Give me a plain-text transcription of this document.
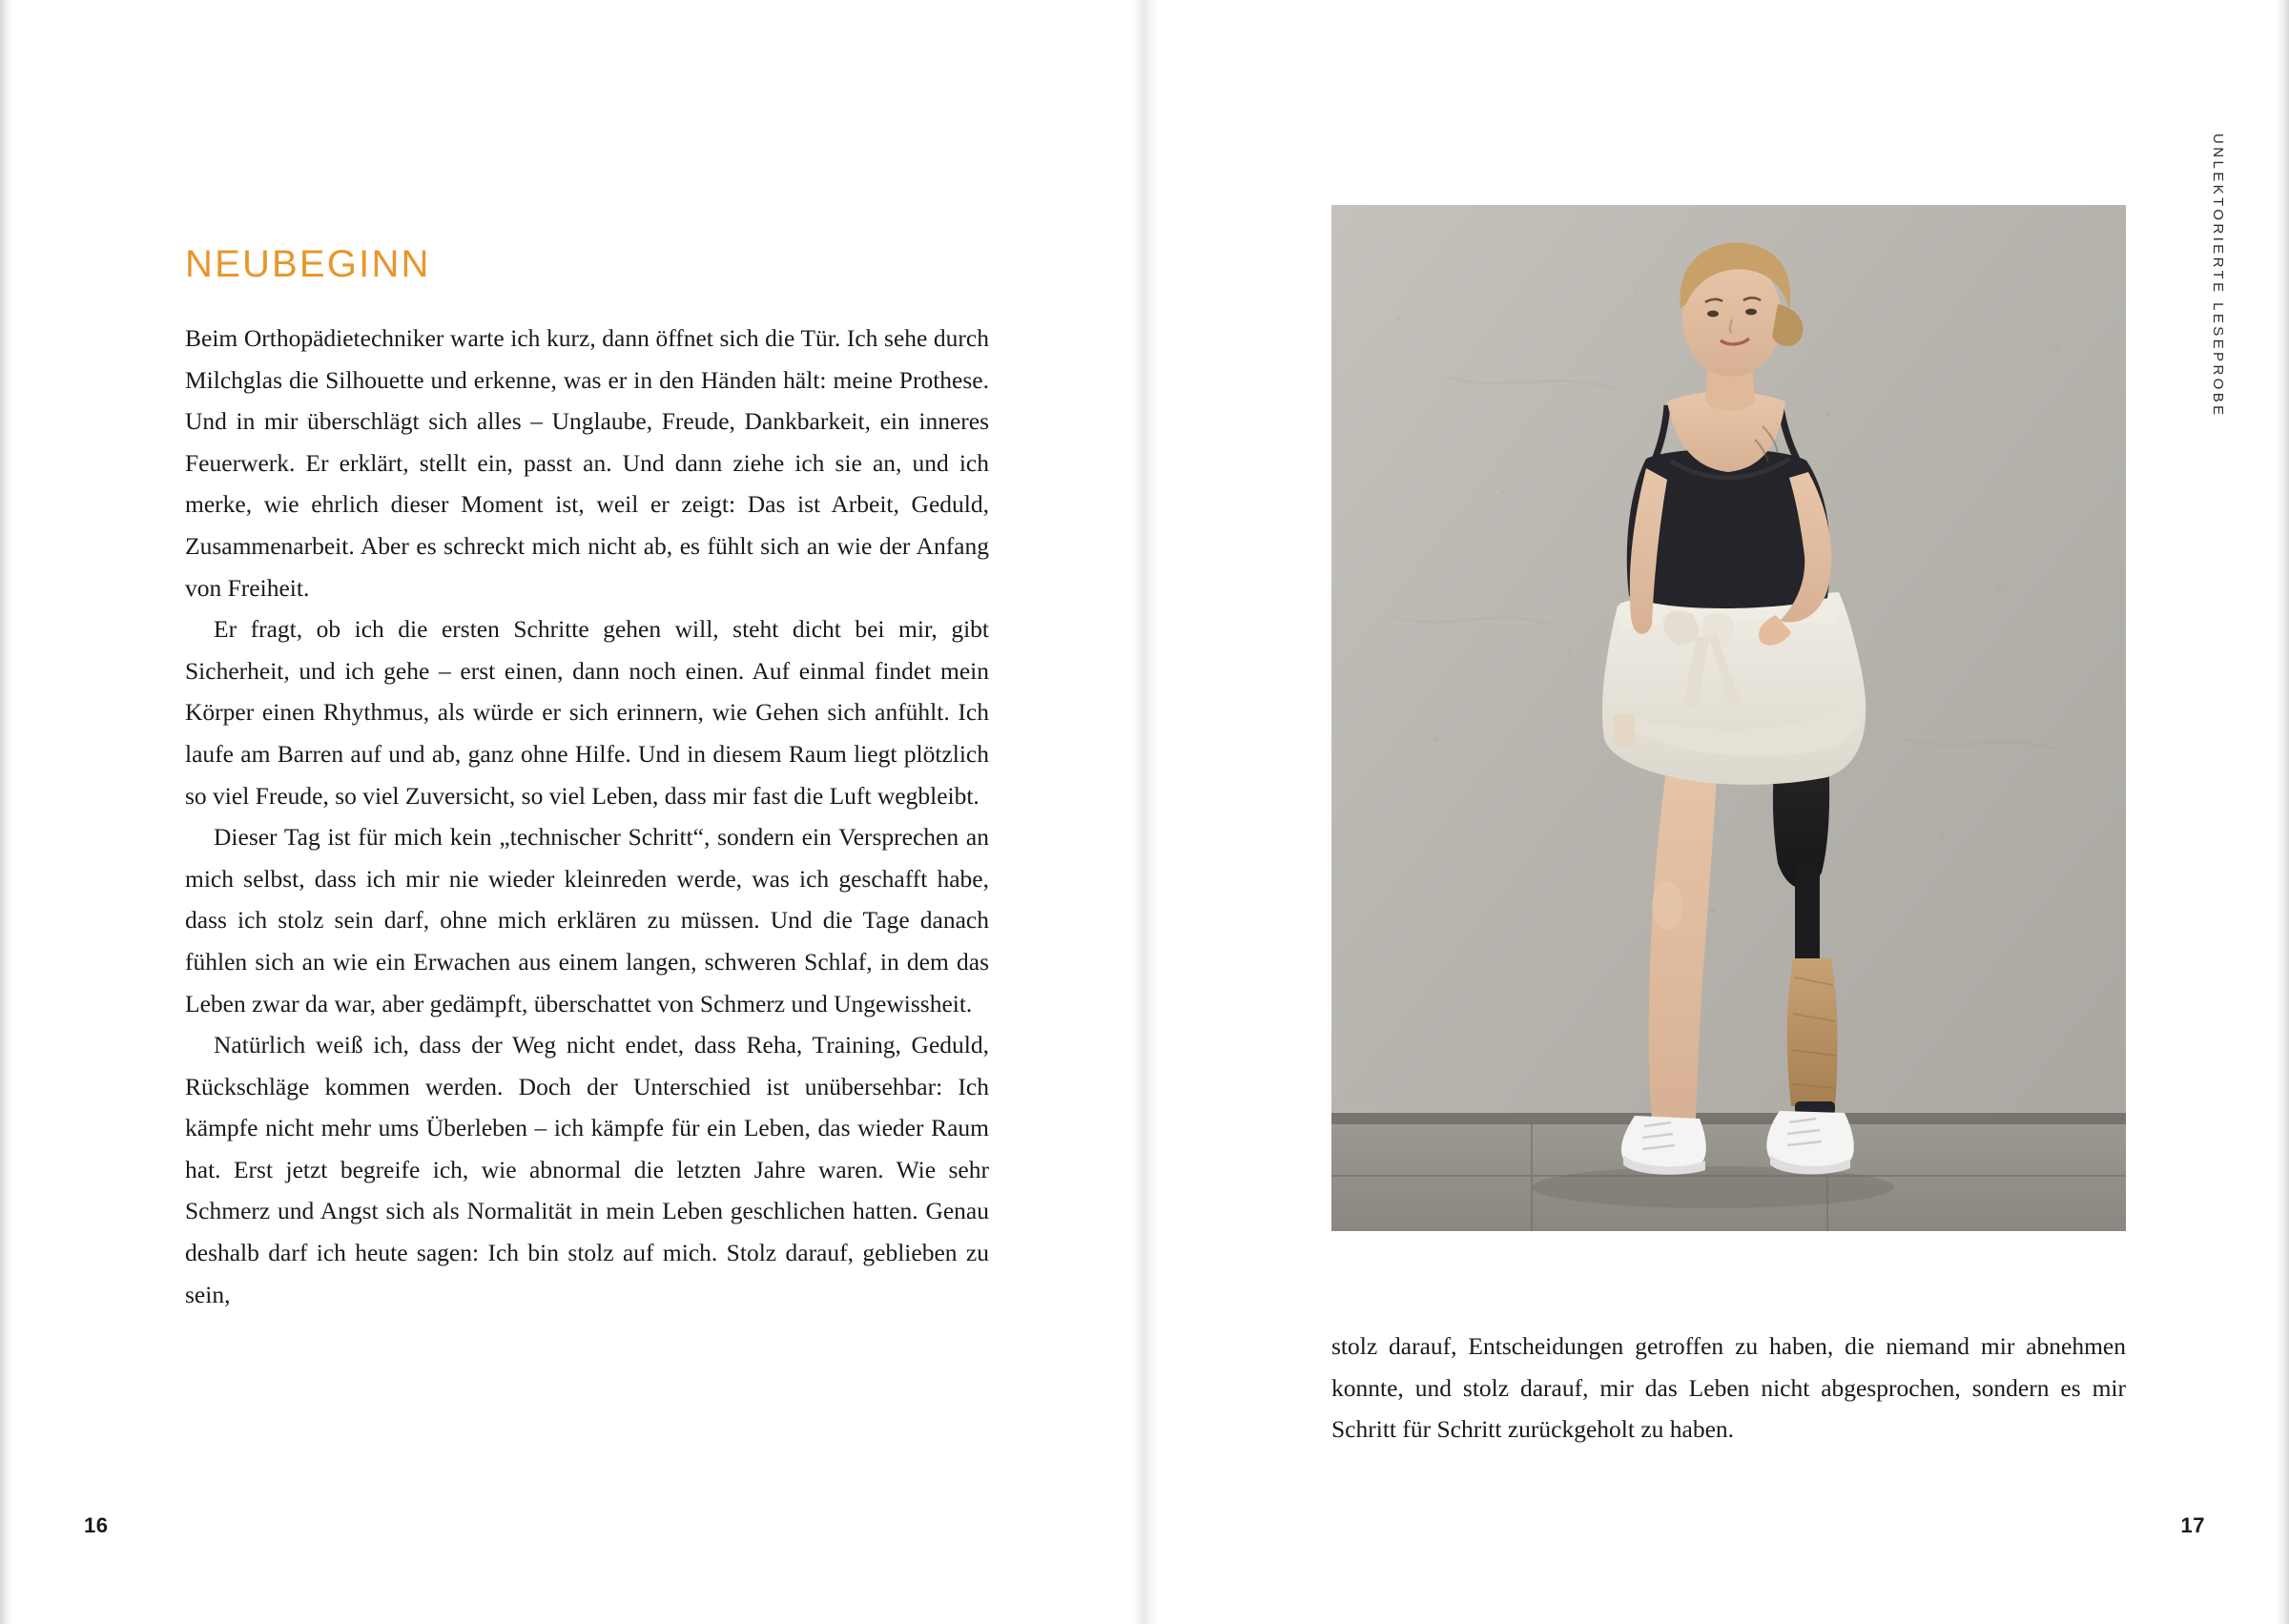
NEUBEGINN

Beim Orthopädietechniker warte ich kurz, dann öffnet sich die Tür. Ich sehe durch Milchglas die Silhouette und erkenne, was er in den Händen hält: meine Prothese. Und in mir überschlägt sich alles – Unglaube, Freude, Dankbarkeit, ein inneres Feuerwerk. Er erklärt, stellt ein, passt an. Und dann ziehe ich sie an, und ich merke, wie ehrlich dieser Moment ist, weil er zeigt: Das ist Arbeit, Geduld, Zusammenarbeit. Aber es schreckt mich nicht ab, es fühlt sich an wie der Anfang von Freiheit.

Er fragt, ob ich die ersten Schritte gehen will, steht dicht bei mir, gibt Sicherheit, und ich gehe – erst einen, dann noch einen. Auf einmal findet mein Körper einen Rhythmus, als würde er sich erinnern, wie Gehen sich anfühlt. Ich laufe am Barren auf und ab, ganz ohne Hilfe. Und in diesem Raum liegt plötzlich so viel Freude, so viel Zuversicht, so viel Leben, dass mir fast die Luft wegbleibt.

Dieser Tag ist für mich kein „technischer Schritt“, sondern ein Versprechen an mich selbst, dass ich mir nie wieder kleinreden werde, was ich geschafft habe, dass ich stolz sein darf, ohne mich erklären zu müssen. Und die Tage danach fühlen sich an wie ein Erwachen aus einem langen, schweren Schlaf, in dem das Leben zwar da war, aber gedämpft, überschattet von Schmerz und Ungewissheit.

Natürlich weiß ich, dass der Weg nicht endet, dass Reha, Training, Geduld, Rückschläge kommen werden. Doch der Unterschied ist unübersehbar: Ich kämpfe nicht mehr ums Überleben – ich kämpfe für ein Leben, das wieder Raum hat. Erst jetzt begreife ich, wie abnormal die letzten Jahre waren. Wie sehr Schmerz und Angst sich als Normalität in mein Leben geschlichen hatten. Genau deshalb darf ich heute sagen: Ich bin stolz auf mich. Stolz darauf, geblieben zu sein,

16
UNLEKTORIERTE LESEPROBE

stolz darauf, Entscheidungen getroffen zu haben, die niemand mir abnehmen konnte, und stolz darauf, mir das Leben nicht abgesprochen, sondern es mir Schritt für Schritt zurückgeholt zu haben.

17
